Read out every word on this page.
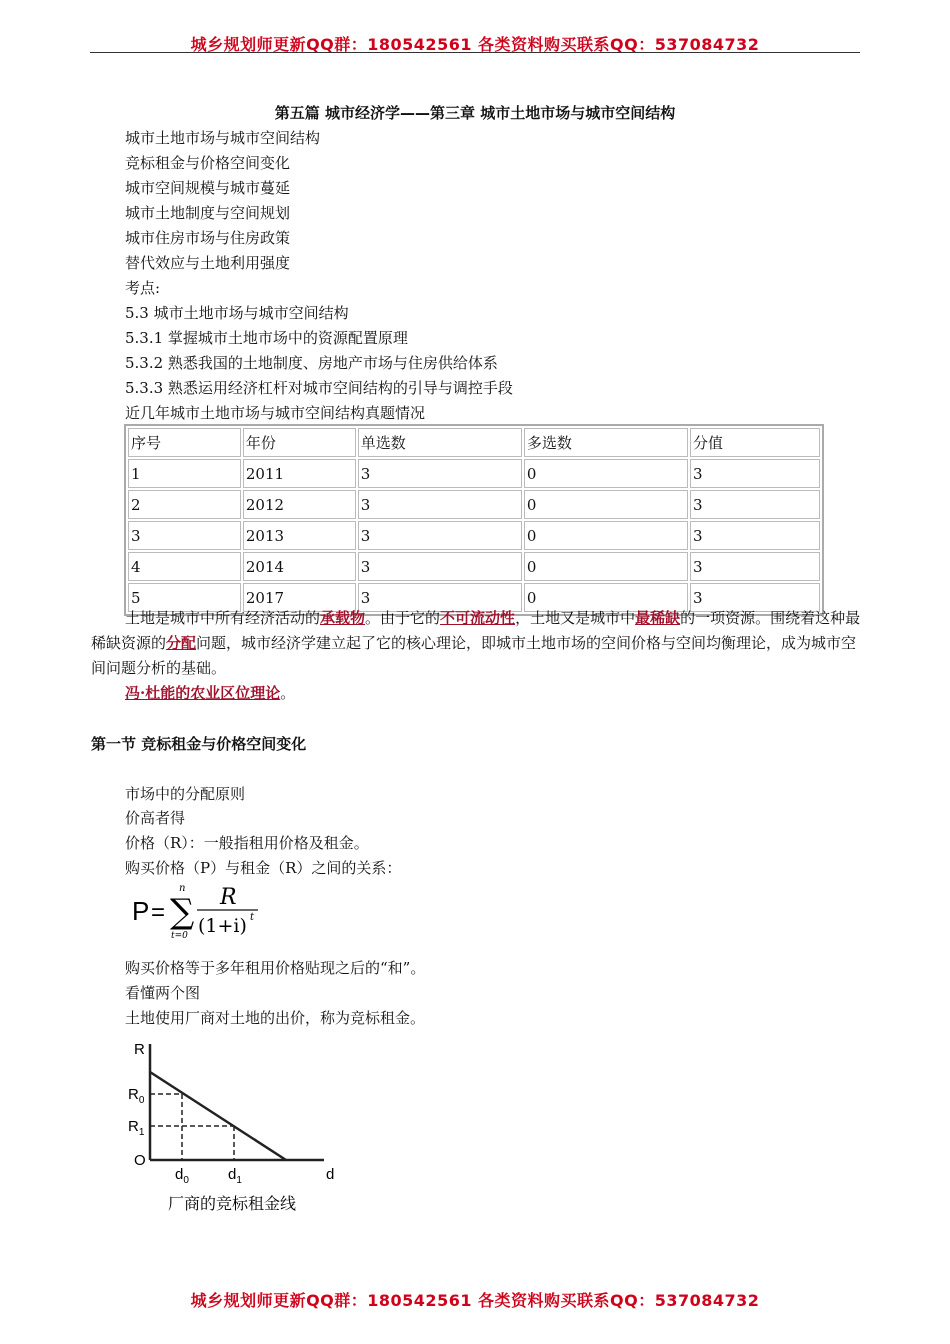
城乡规划师更新QQ群：180542561 各类资料购买联系QQ：537084732
第五篇 城市经济学——第三章 城市土地市场与城市空间结构
城市土地市场与城市空间结构
竞标租金与价格空间变化
城市空间规模与城市蔓延
城市土地制度与空间规划
城市住房市场与住房政策
替代效应与土地利用强度
考点:
5.3 城市土地市场与城市空间结构
5.3.1 掌握城市土地市场中的资源配置原理
5.3.2 熟悉我国的土地制度、房地产市场与住房供给体系
5.3.3 熟悉运用经济杠杆对城市空间结构的引导与调控手段
近几年城市土地市场与城市空间结构真题情况
序号	年份	单选数	多选数	分值
1	2011	3	0	3
2	2012	3	0	3
3	2013	3	0	3
4	2014	3	0	3
5	2017	3	0	3
土地是城市中所有经济活动的承载物。由于它的不可流动性，土地又是城市中最稀缺的一项资源。围绕着这种最稀缺资源的分配问题，城市经济学建立起了它的核心理论，即城市土地市场的空间价格与空间均衡理论，成为城市空间问题分析的基础。
冯·杜能的农业区位理论。
第一节 竞标租金与价格空间变化
市场中的分配原则
价高者得
价格（R）：一般指租用价格及租金。
购买价格（P）与租金（R）之间的关系：
P = ∑
n
t=0
R
(1+i) t
购买价格等于多年租用价格贴现之后的“和”。
看懂两个图
土地使用厂商对土地的出价，称为竞标租金。
R
$R_0$
$R_1$
O
$d_0$	$d_1$	d
厂商的竞标租金线
城乡规划师更新QQ群：180542561 各类资料购买联系QQ：537084732
